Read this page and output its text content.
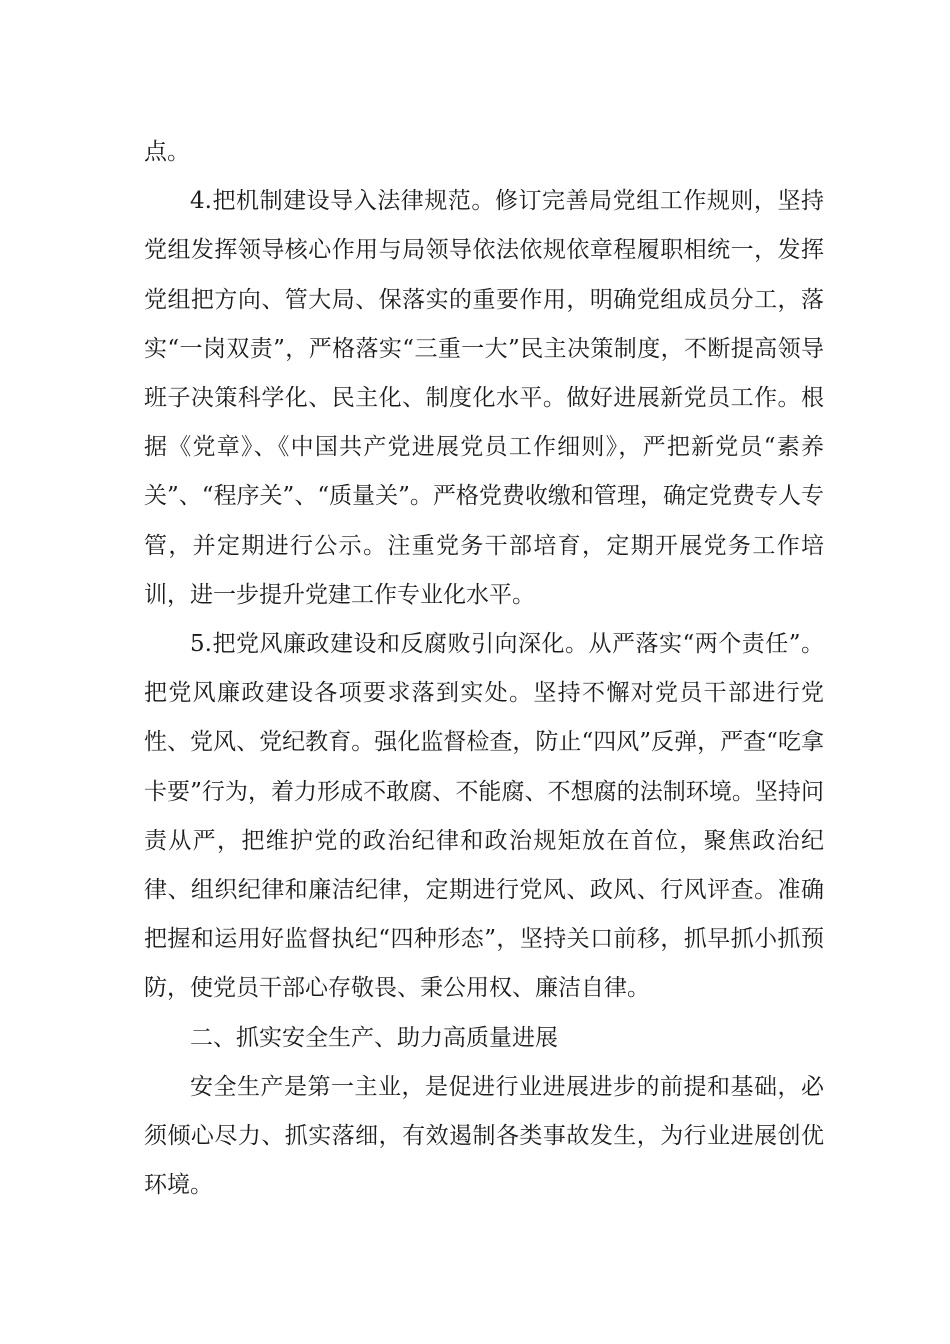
点。

4.把机制建设导入法律规范。修订完善局党组工作规则，坚持党组发挥领导核心作用与局领导依法依规依章程履职相统一，发挥党组把方向、管大局、保落实的重要作用，明确党组成员分工，落实“一岗双责”，严格落实“三重一大”民主决策制度，不断提高领导班子决策科学化、民主化、制度化水平。做好进展新党员工作。根据《党章》、《中国共产党进展党员工作细则》，严把新党员“素养关”、“程序关”、“质量关”。严格党费收缴和管理，确定党费专人专管，并定期进行公示。注重党务干部培育，定期开展党务工作培训，进一步提升党建工作专业化水平。

5.把党风廉政建设和反腐败引向深化。从严落实“两个责任”。把党风廉政建设各项要求落到实处。坚持不懈对党员干部进行党性、党风、党纪教育。强化监督检查，防止“四风”反弹，严查“吃拿卡要”行为，着力形成不敢腐、不能腐、不想腐的法制环境。坚持问责从严，把维护党的政治纪律和政治规矩放在首位，聚焦政治纪律、组织纪律和廉洁纪律，定期进行党风、政风、行风评查。准确把握和运用好监督执纪“四种形态”，坚持关口前移，抓早抓小抓预防，使党员干部心存敬畏、秉公用权、廉洁自律。

二、抓实安全生产、助力高质量进展

安全生产是第一主业，是促进行业进展进步的前提和基础，必须倾心尽力、抓实落细，有效遏制各类事故发生，为行业进展创优环境。
